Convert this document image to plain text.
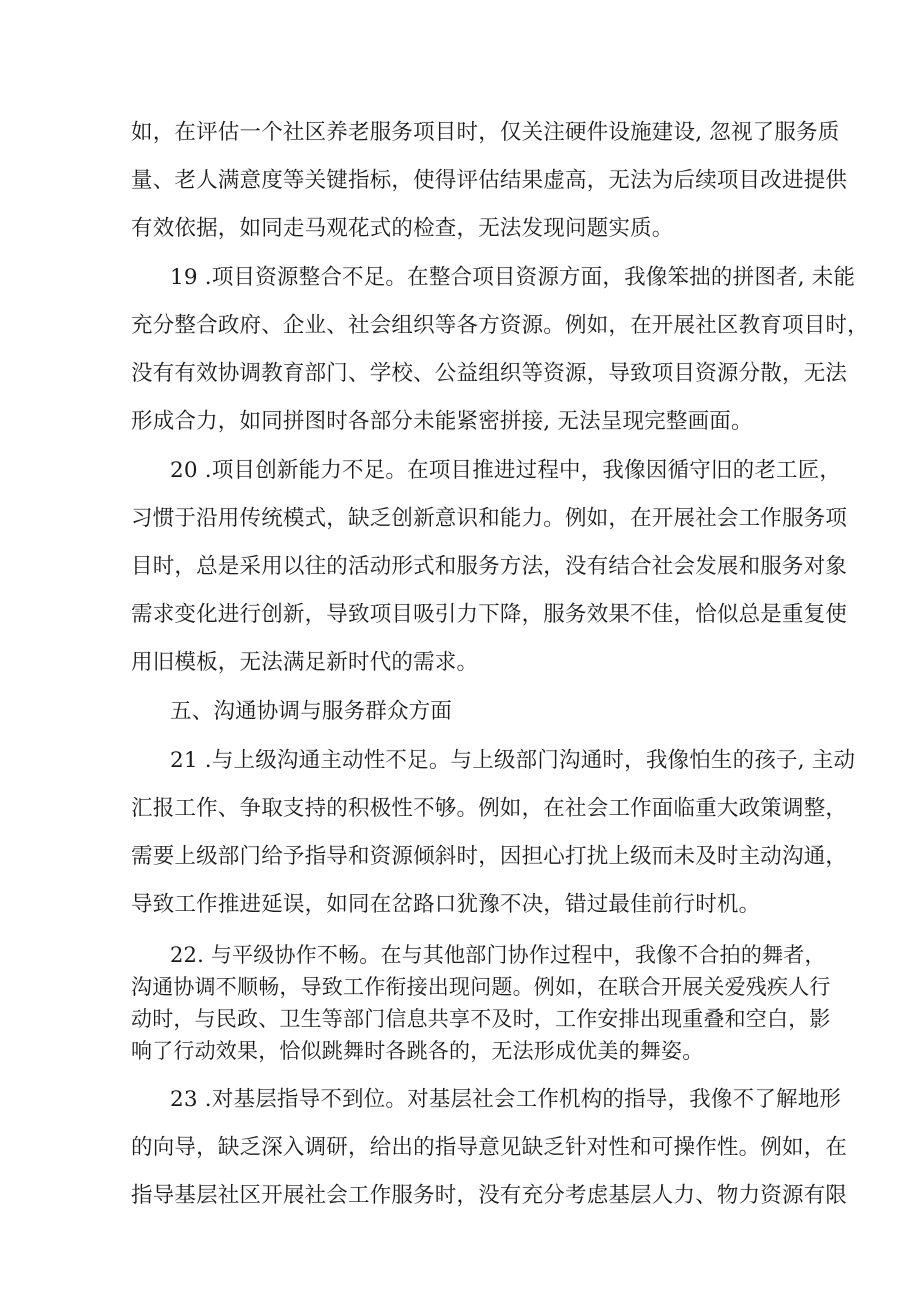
如，在评估一个社区养老服务项目时，仅关注硬件设施建设, 忽视了服务质
量、老人满意度等关键指标，使得评估结果虚高，无法为后续项目改进提供
有效依据，如同走马观花式的检查，无法发现问题实质。
19 .项目资源整合不足。在整合项目资源方面，我像笨拙的拼图者, 未能
充分整合政府、企业、社会组织等各方资源。例如，在开展社区教育项目时，
没有有效协调教育部门、学校、公益组织等资源，导致项目资源分散，无法
形成合力，如同拼图时各部分未能紧密拼接, 无法呈现完整画面。
20 .项目创新能力不足。在项目推进过程中，我像因循守旧的老工匠，
习惯于沿用传统模式，缺乏创新意识和能力。例如，在开展社会工作服务项
目时，总是采用以往的活动形式和服务方法，没有结合社会发展和服务对象
需求变化进行创新，导致项目吸引力下降，服务效果不佳，恰似总是重复使
用旧模板，无法满足新时代的需求。
五、沟通协调与服务群众方面
21 .与上级沟通主动性不足。与上级部门沟通时，我像怕生的孩子, 主动
汇报工作、争取支持的积极性不够。例如，在社会工作面临重大政策调整，
需要上级部门给予指导和资源倾斜时，因担心打扰上级而未及时主动沟通，
导致工作推进延误，如同在岔路口犹豫不决，错过最佳前行时机。
22. 与平级协作不畅。在与其他部门协作过程中，我像不合拍的舞者，
沟通协调不顺畅，导致工作衔接出现问题。例如，在联合开展关爱残疾人行
动时，与民政、卫生等部门信息共享不及时，工作安排出现重叠和空白，影
响了行动效果，恰似跳舞时各跳各的，无法形成优美的舞姿。
23 .对基层指导不到位。对基层社会工作机构的指导，我像不了解地形
的向导，缺乏深入调研，给出的指导意见缺乏针对性和可操作性。例如，在
指导基层社区开展社会工作服务时，没有充分考虑基层人力、物力资源有限
